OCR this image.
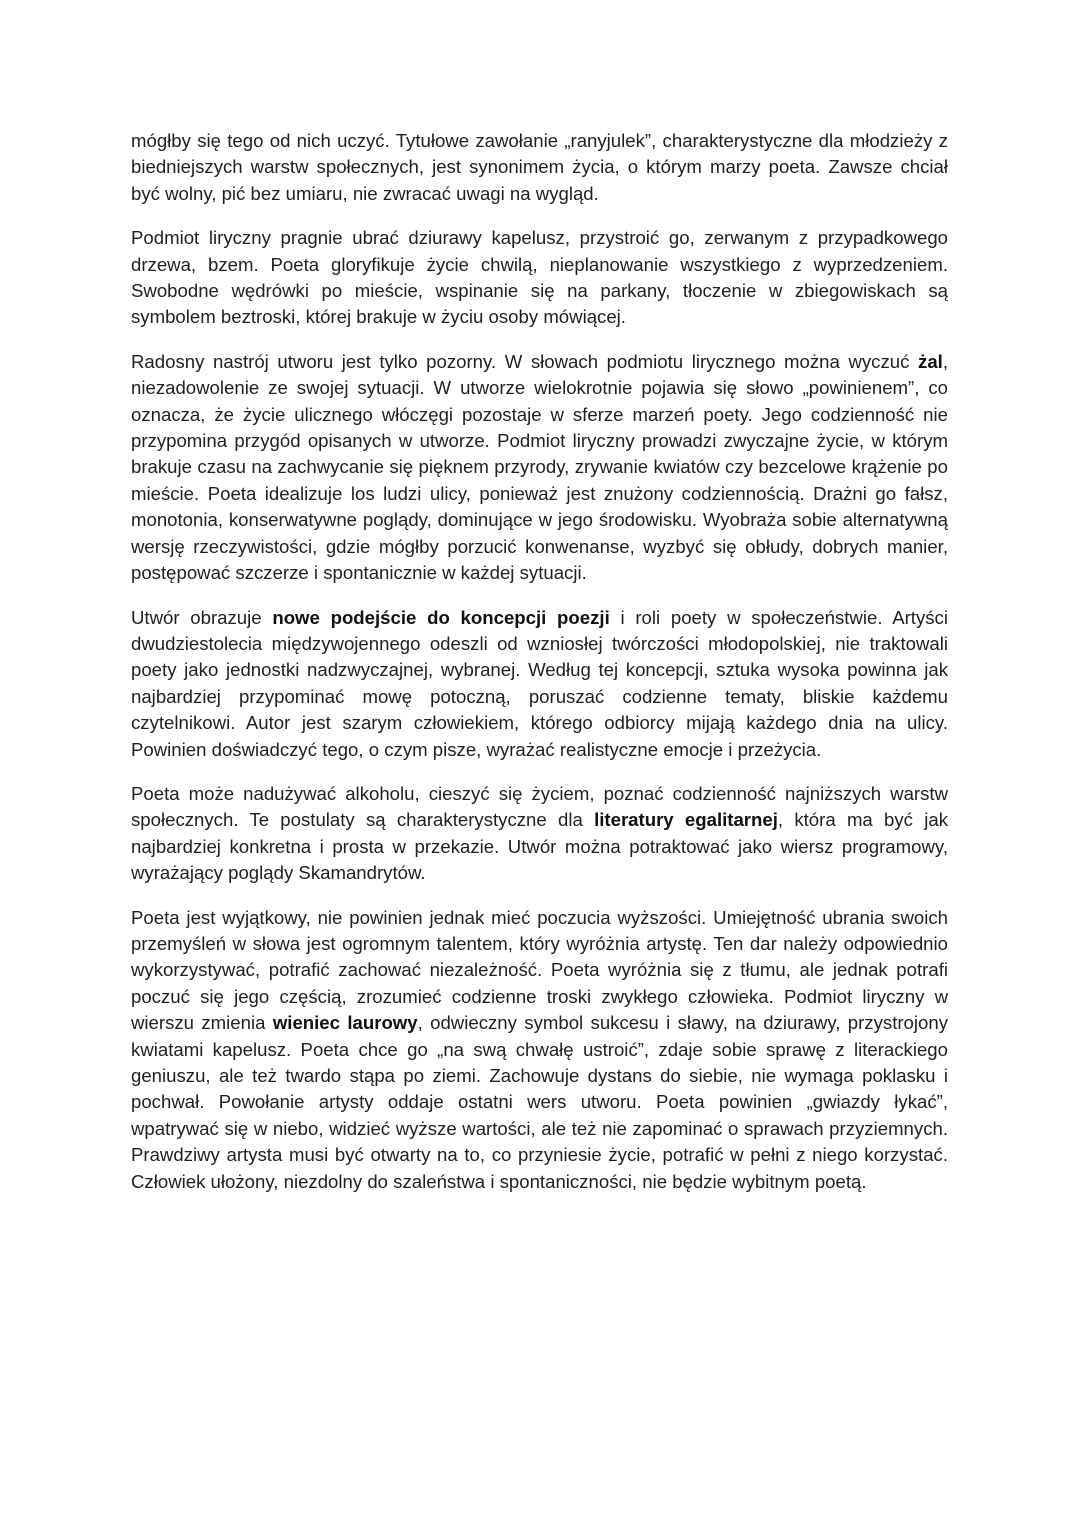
mógłby się tego od nich uczyć. Tytułowe zawołanie „ranyjulek”, charakterystyczne dla młodzieży z biedniejszych warstw społecznych, jest synonimem życia, o którym marzy poeta. Zawsze chciał być wolny, pić bez umiaru, nie zwracać uwagi na wygląd.

Podmiot liryczny pragnie ubrać dziurawy kapelusz, przystroić go, zerwanym z przypadkowego drzewa, bzem. Poeta gloryfikuje życie chwilą, nieplanowanie wszystkiego z wyprzedzeniem. Swobodne wędrówki po mieście, wspinanie się na parkany, tłoczenie w zbiegowiskach są symbolem beztroski, której brakuje w życiu osoby mówiącej.

Radosny nastrój utworu jest tylko pozorny. W słowach podmiotu lirycznego można wyczuć żal, niezadowolenie ze swojej sytuacji. W utworze wielokrotnie pojawia się słowo „powinienem”, co oznacza, że życie ulicznego włóczęgi pozostaje w sferze marzeń poety. Jego codzienność nie przypomina przygód opisanych w utworze. Podmiot liryczny prowadzi zwyczajne życie, w którym brakuje czasu na zachwycanie się pięknem przyrody, zrywanie kwiatów czy bezcelowe krążenie po mieście. Poeta idealizuje los ludzi ulicy, ponieważ jest znużony codziennością. Drażni go fałsz, monotonia, konserwatywne poglądy, dominujące w jego środowisku. Wyobraża sobie alternatywną wersję rzeczywistości, gdzie mógłby porzucić konwenanse, wyzbyć się obłudy, dobrych manier, postępować szczerze i spontanicznie w każdej sytuacji.

Utwór obrazuje nowe podejście do koncepcji poezji i roli poety w społeczeństwie. Artyści dwudziestolecia międzywojennego odeszli od wzniosłej twórczości młodopolskiej, nie traktowali poety jako jednostki nadzwyczajnej, wybranej. Według tej koncepcji, sztuka wysoka powinna jak najbardziej przypominać mowę potoczną, poruszać codzienne tematy, bliskie każdemu czytelnikowi. Autor jest szarym człowiekiem, którego odbiorcy mijają każdego dnia na ulicy. Powinien doświadczyć tego, o czym pisze, wyrażać realistyczne emocje i przeżycia.

Poeta może nadużywać alkoholu, cieszyć się życiem, poznać codzienność najniższych warstw społecznych. Te postulaty są charakterystyczne dla literatury egalitarnej, która ma być jak najbardziej konkretna i prosta w przekazie. Utwór można potraktować jako wiersz programowy, wyrażający poglądy Skamandrytów.

Poeta jest wyjątkowy, nie powinien jednak mieć poczucia wyższości. Umiejętność ubrania swoich przemyśleń w słowa jest ogromnym talentem, który wyróżnia artystę. Ten dar należy odpowiednio wykorzystywać, potrafić zachować niezależność. Poeta wyróżnia się z tłumu, ale jednak potrafi poczuć się jego częścią, zrozumieć codzienne troski zwykłego człowieka. Podmiot liryczny w wierszu zmienia wieniec laurowy, odwieczny symbol sukcesu i sławy, na dziurawy, przystrojony kwiatami kapelusz. Poeta chce go „na swą chwałę ustroić”, zdaje sobie sprawę z literackiego geniuszu, ale też twardo stąpa po ziemi. Zachowuje dystans do siebie, nie wymaga poklasku i pochwał. Powołanie artysty oddaje ostatni wers utworu. Poeta powinien „gwiazdy łykać”, wpatrywać się w niebo, widzieć wyższe wartości, ale też nie zapominać o sprawach przyziemnych. Prawdziwy artysta musi być otwarty na to, co przyniesie życie, potrafić w pełni z niego korzystać. Człowiek ułożony, niezdolny do szaleństwa i spontaniczności, nie będzie wybitnym poetą.
